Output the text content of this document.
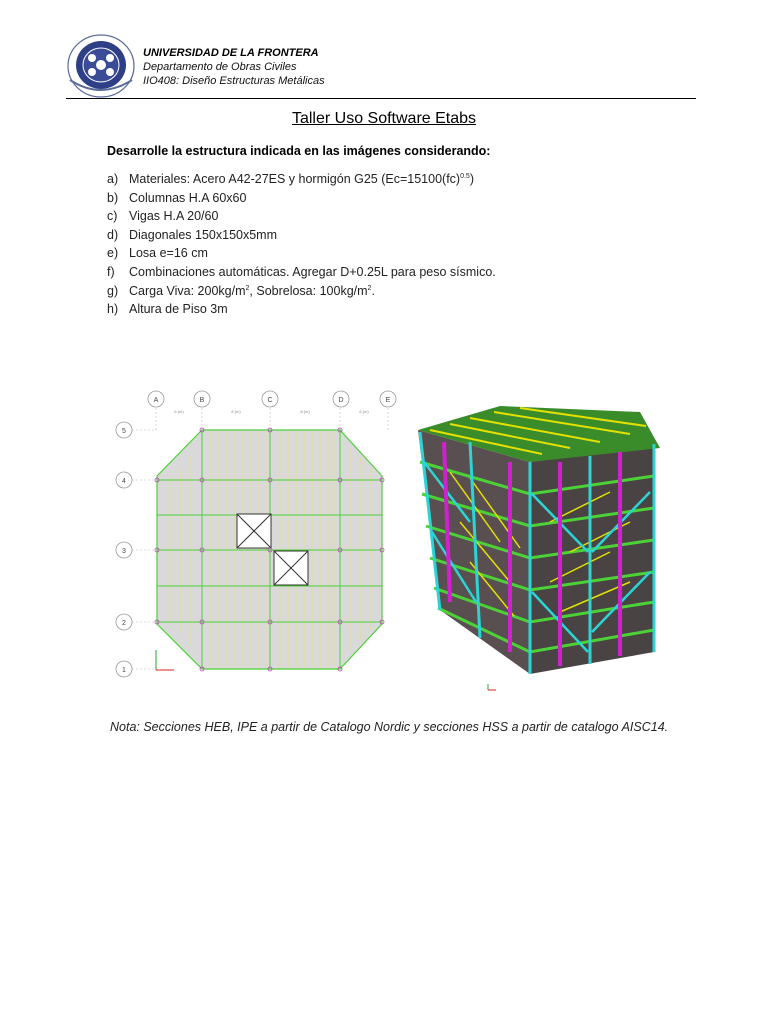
UNIVERSIDAD DE LA FRONTERA
Departamento de Obras Civiles
IIO408: Diseño Estructuras Metálicas
Taller Uso Software Etabs
Desarrolle la estructura indicada en las imágenes considerando:
a) Materiales: Acero A42-27ES y hormigón G25 (Ec=15100(fc)$^{0.5}$)
b) Columnas H.A 60x60
c) Vigas H.A 20/60
d) Diagonales 150x150x5mm
e) Losa e=16 cm
f)	Combinaciones automáticas. Agregar D+0.25L para peso sísmico.
g) Carga Viva: $200kg/m^2$, Sobrelosa: $100kg/m^2$.
h) Altura de Piso 3m
A	B	C	D	E
5
4
3
2
1
6 (m)	8 (m)	8 (m)	6 (m)
Nota: Secciones HEB, IPE a partir de Catalogo Nordic y secciones HSS a partir de catalogo AISC14.
